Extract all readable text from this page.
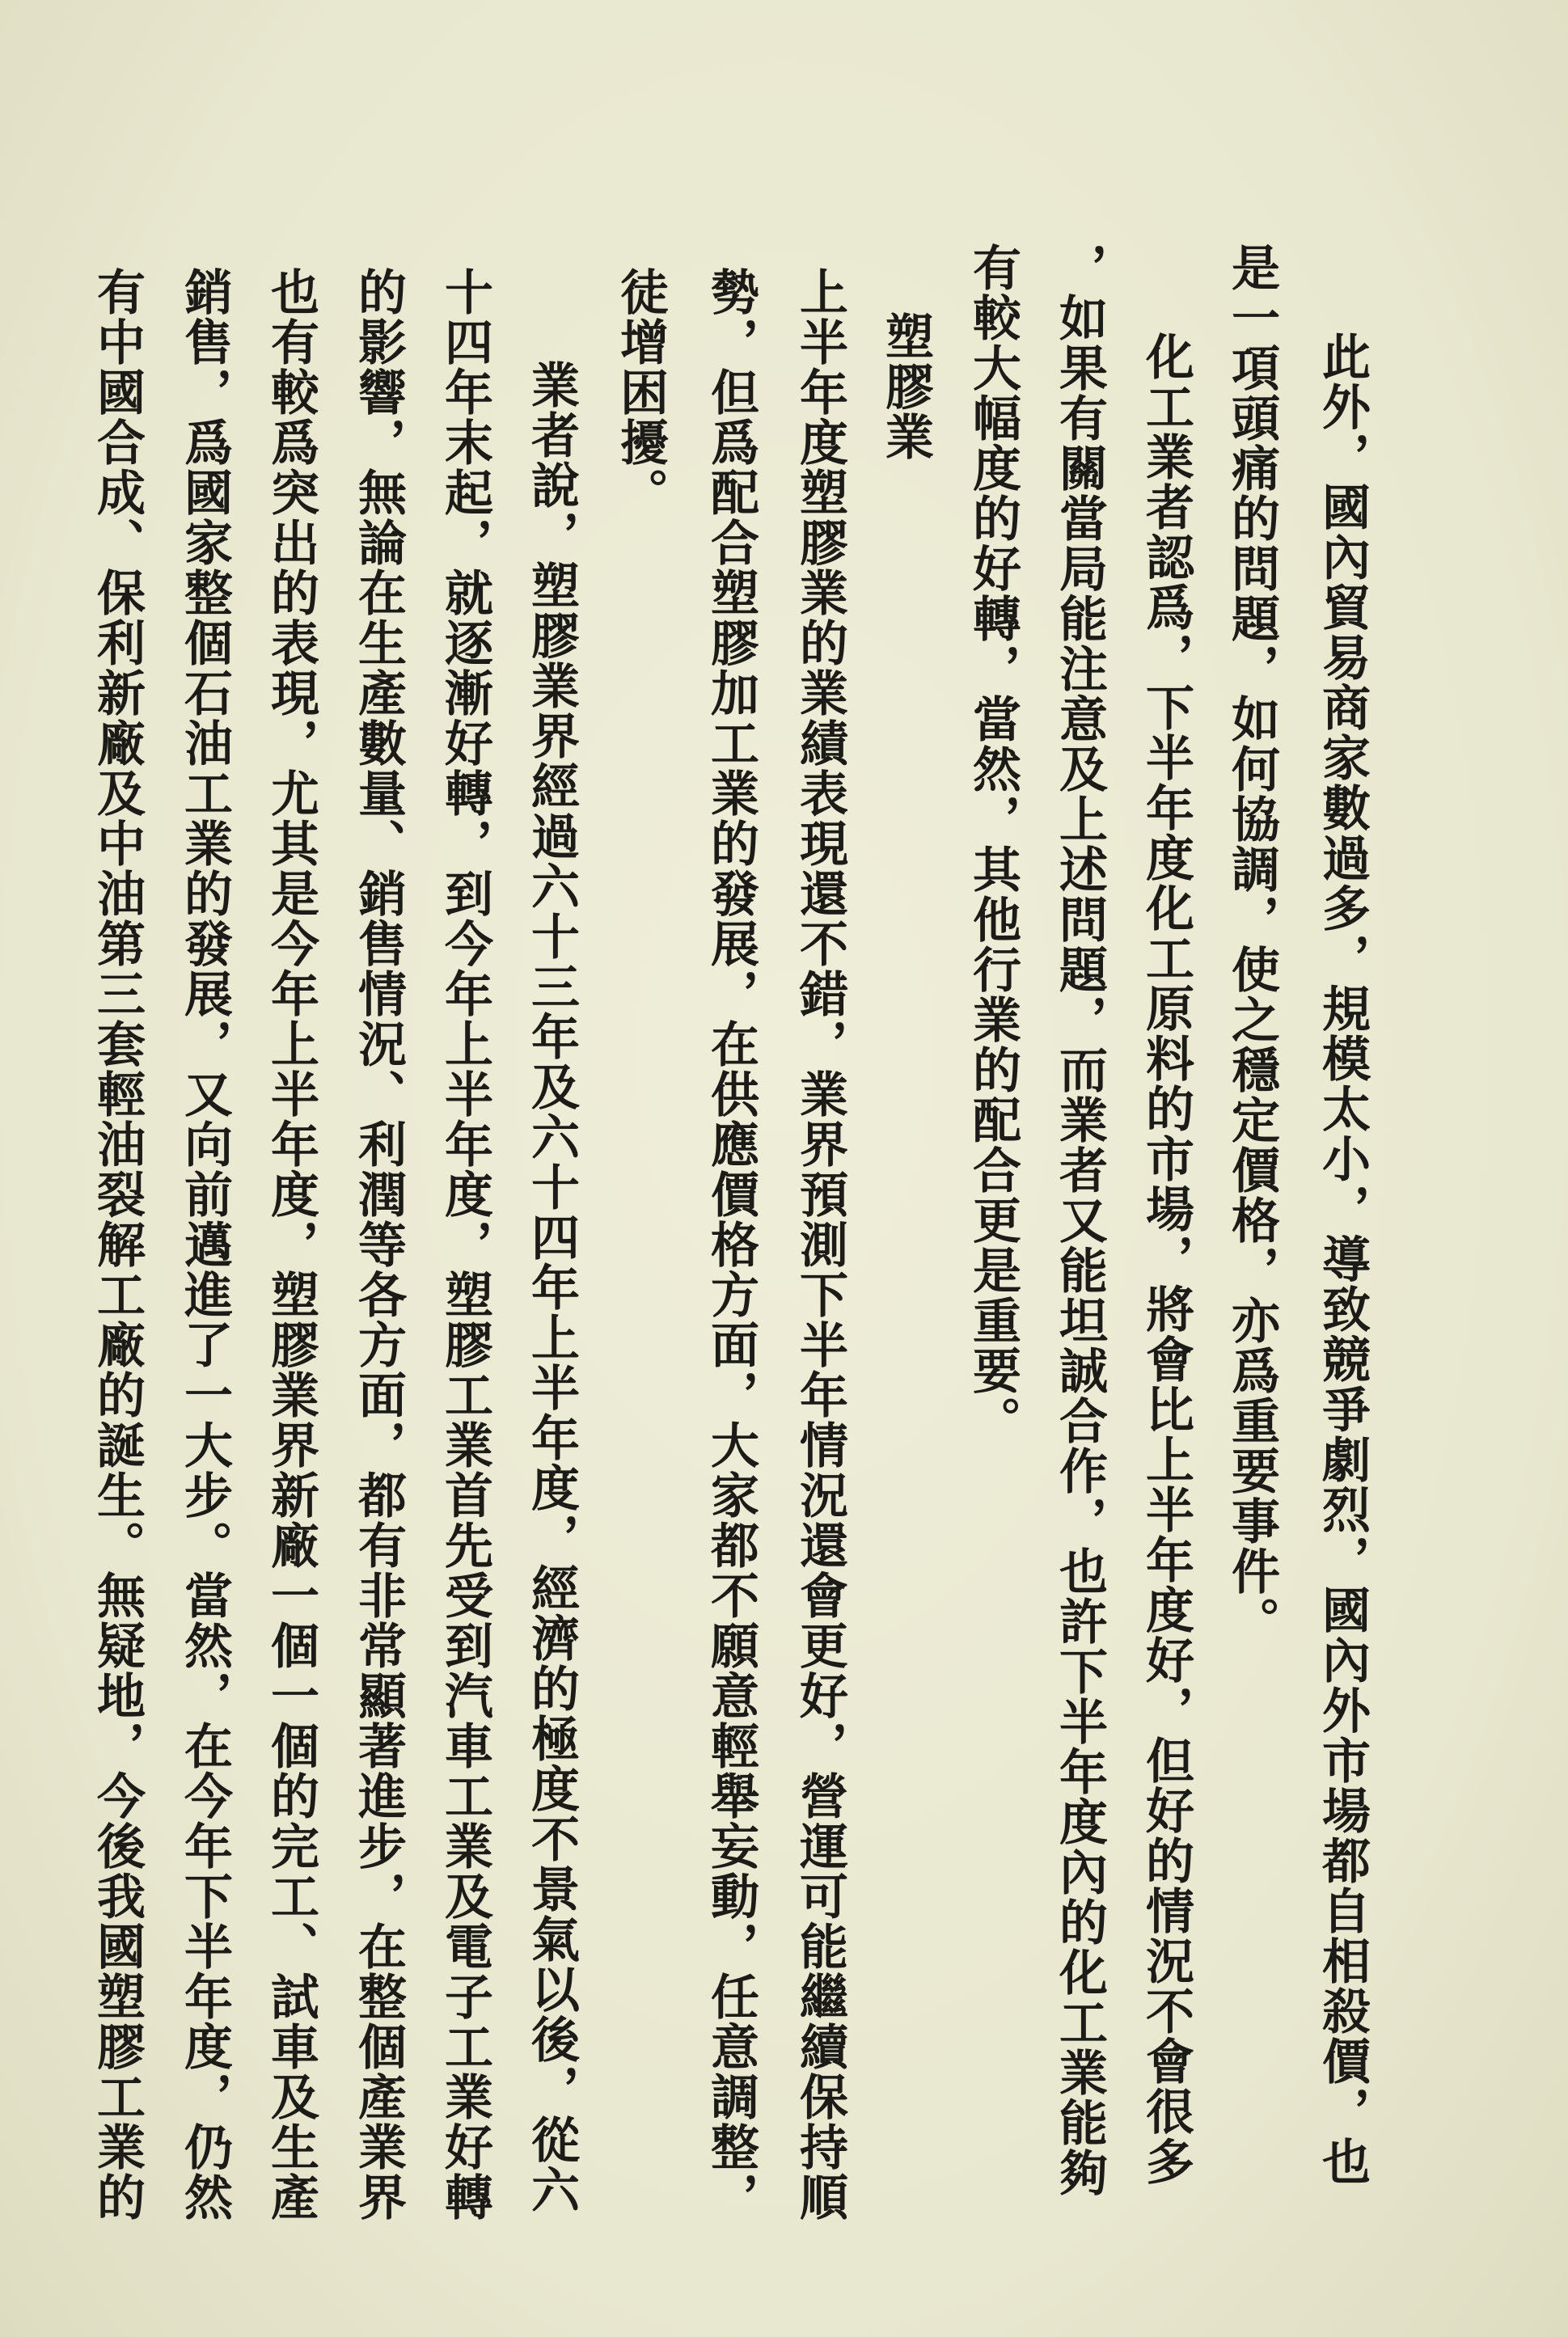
此外，國內貿易商家數過多，規模太小，導致競爭劇烈，國內外市場都自相殺價，也
是一項頭痛的問題，如何協調，使之穩定價格，亦爲重要事件。
化工業者認爲，下半年度化工原料的市場，將會比上半年度好，但好的情況不會很多
，如果有關當局能注意及上述問題，而業者又能坦誠合作，也許下半年度內的化工業能夠
有較大幅度的好轉，當然，其他行業的配合更是重要。
塑膠業
上半年度塑膠業的業績表現還不錯，業界預測下半年情況還會更好，營運可能繼續保持順
勢，但爲配合塑膠加工業的發展，在供應價格方面，大家都不願意輕舉妄動，任意調整，
徒增困擾。
業者說，塑膠業界經過六十三年及六十四年上半年度，經濟的極度不景氣以後，從六
十四年末起，就逐漸好轉，到今年上半年度，塑膠工業首先受到汽車工業及電子工業好轉
的影響，無論在生產數量、銷售情況、利潤等各方面，都有非常顯著進步，在整個產業界
也有較爲突出的表現，尤其是今年上半年度，塑膠業界新廠一個一個的完工、試車及生產
銷售，爲國家整個石油工業的發展，又向前邁進了一大步。當然，在今年下半年度，仍然
有中國合成、保利新廠及中油第三套輕油裂解工廠的誕生。無疑地，今後我國塑膠工業的
